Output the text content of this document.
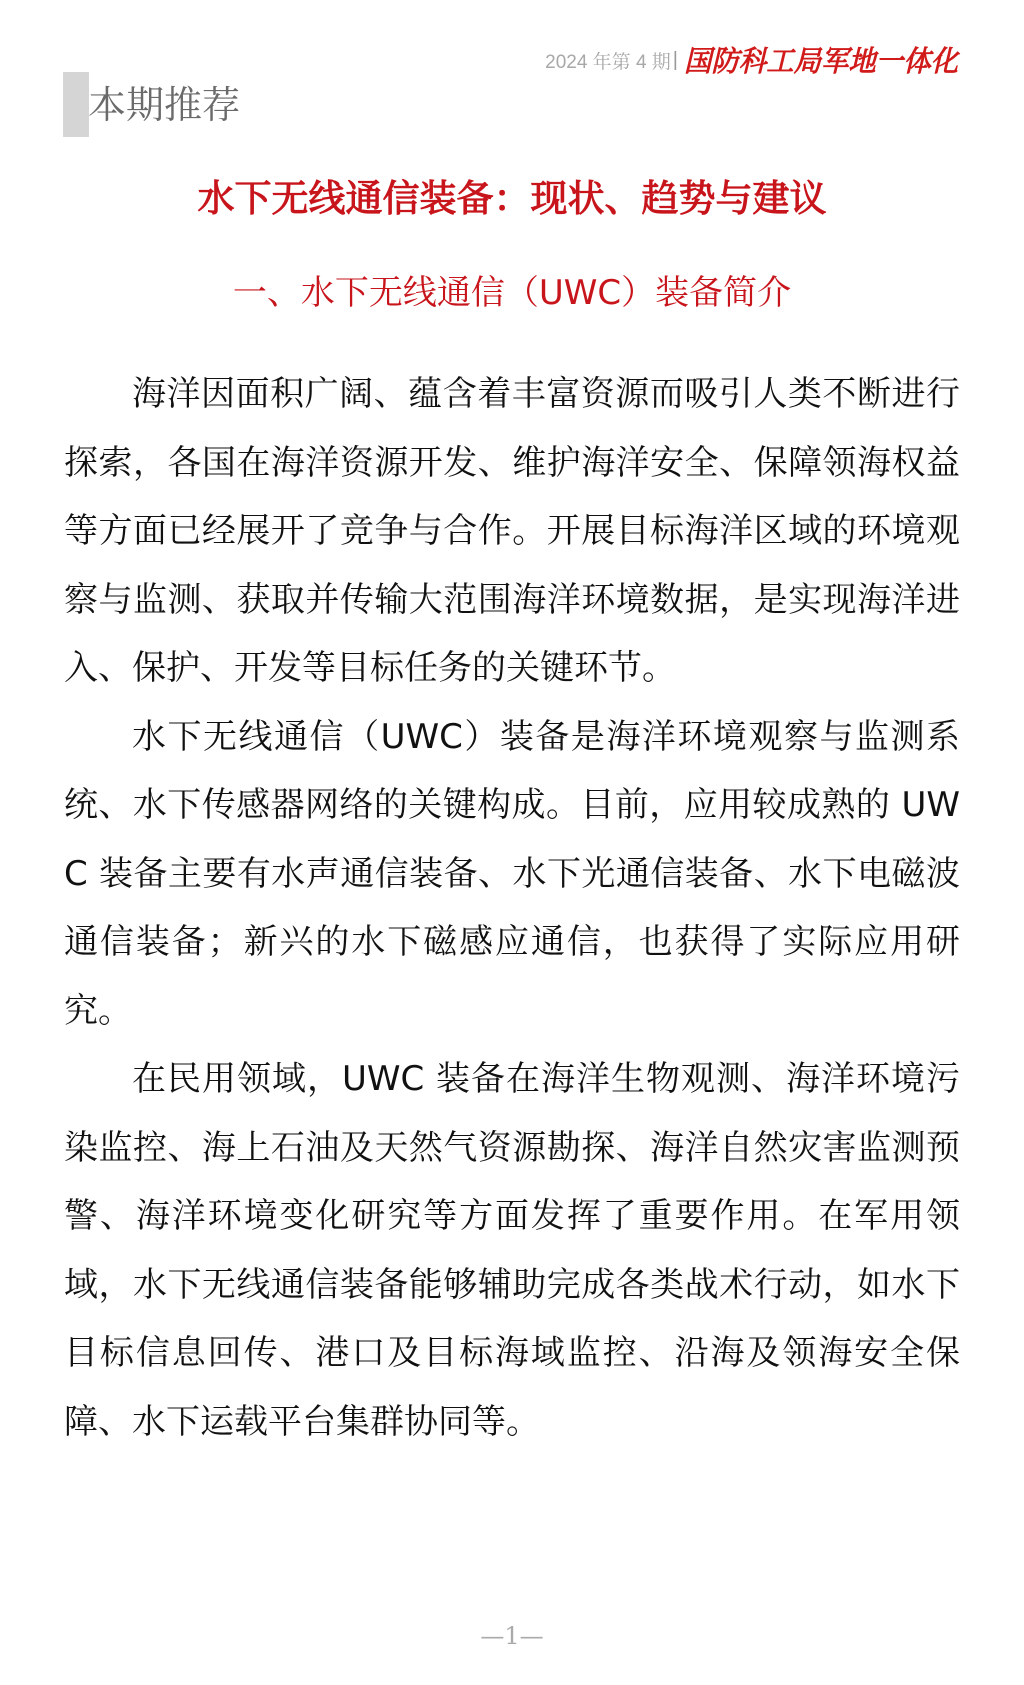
2024 年第 4 期 | 国防科工局军地一体化
本期推荐
水下无线通信装备：现状、趋势与建议
一、水下无线通信（UWC）装备简介

海洋因面积广阔、蕴含着丰富资源而吸引人类不断进行探索，各国在海洋资源开发、维护海洋安全、保障领海权益等方面已经展开了竞争与合作。开展目标海洋区域的环境观察与监测、获取并传输大范围海洋环境数据，是实现海洋进入、保护、开发等目标任务的关键环节。

水下无线通信（UWC）装备是海洋环境观察与监测系统、水下传感器网络的关键构成。目前，应用较成熟的 UWC 装备主要有水声通信装备、水下光通信装备、水下电磁波通信装备；新兴的水下磁感应通信，也获得了实际应用研究。

在民用领域，UWC 装备在海洋生物观测、海洋环境污染监控、海上石油及天然气资源勘探、海洋自然灾害监测预警、海洋环境变化研究等方面发挥了重要作用。在军用领域，水下无线通信装备能够辅助完成各类战术行动，如水下目标信息回传、港口及目标海域监控、沿海及领海安全保障、水下运载平台集群协同等。

—1—
